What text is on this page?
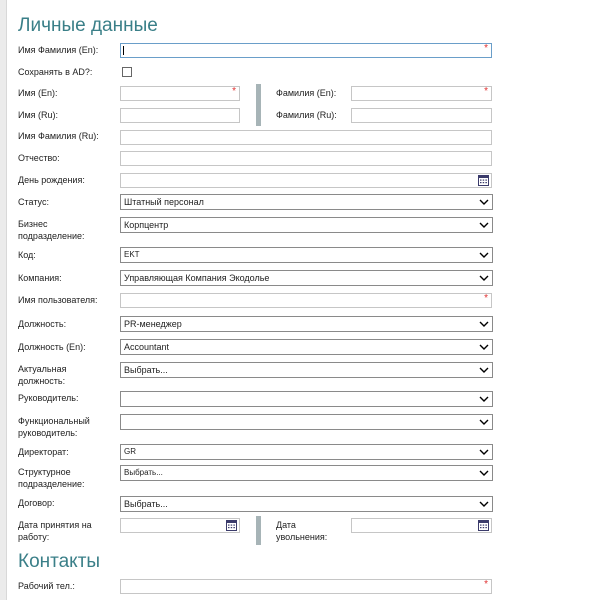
Личные данные
Имя Фамилия (En):	*
Сохранять в AD?:
Имя (En):	*	Фамилия (En):	*
Имя (Ru):	Фамилия (Ru):
Имя Фамилия (Ru):
Отчество:
День рождения:
Статус:	Штатный персонал
Бизнес
подразделение:
Корпцентр
Код:	EKT
Компания:	Управляющая Компания Экодолье
Имя пользователя:	*
Должность:	PR-менеджер
Должность (En):	Accountant
Актуальная
должность:
Выбрать...
Руководитель:
Функциональный
руководитель:
Директорат:	GR
Структурное
подразделение:
Выбрать...
Договор:	Выбрать...
Дата принятия на
работу:
Дата
увольнения:
Контакты
Рабочий тел.:	*
